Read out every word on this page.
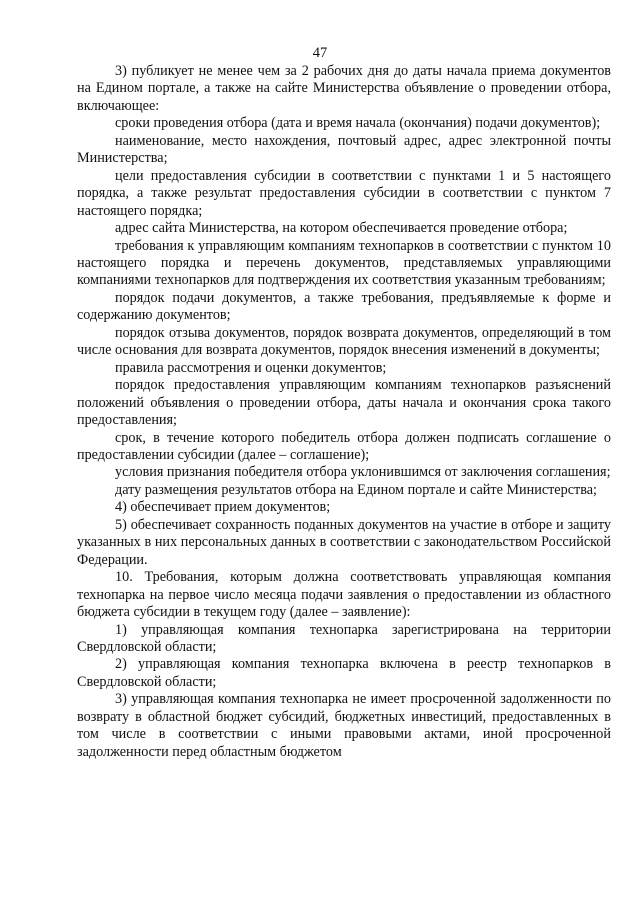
47

3) публикует не менее чем за 2 рабочих дня до даты начала приема документов на Едином портале, а также на сайте Министерства объявление о проведении отбора, включающее:

сроки проведения отбора (дата и время начала (окончания) подачи документов);

наименование, место нахождения, почтовый адрес, адрес электронной почты Министерства;

цели предоставления субсидии в соответствии с пунктами 1 и 5 настоящего порядка, а также результат предоставления субсидии в соответствии с пунктом 7 настоящего порядка;

адрес сайта Министерства, на котором обеспечивается проведение отбора;

требования к управляющим компаниям технопарков в соответствии с пунктом 10 настоящего порядка и перечень документов, представляемых управляющими компаниями технопарков для подтверждения их соответствия указанным требованиям;

порядок подачи документов, а также требования, предъявляемые к форме и содержанию документов;

порядок отзыва документов, порядок возврата документов, определяющий в том числе основания для возврата документов, порядок внесения изменений в документы;

правила рассмотрения и оценки документов;

порядок предоставления управляющим компаниям технопарков разъяснений положений объявления о проведении отбора, даты начала и окончания срока такого предоставления;

срок, в течение которого победитель отбора должен подписать соглашение о предоставлении субсидии (далее – соглашение);

условия признания победителя отбора уклонившимся от заключения соглашения;

дату размещения результатов отбора на Едином портале и сайте Министерства;

4) обеспечивает прием документов;

5) обеспечивает сохранность поданных документов на участие в отборе и защиту указанных в них персональных данных в соответствии с законодательством Российской Федерации.

10. Требования, которым должна соответствовать управляющая компания технопарка на первое число месяца подачи заявления о предоставлении из областного бюджета субсидии в текущем году (далее – заявление):

1) управляющая компания технопарка зарегистрирована на территории Свердловской области;

2) управляющая компания технопарка включена в реестр технопарков в Свердловской области;

3) управляющая компания технопарка не имеет просроченной задолженности по возврату в областной бюджет субсидий, бюджетных инвестиций, предоставленных в том числе в соответствии с иными правовыми актами, иной просроченной задолженности перед областным бюджетом
